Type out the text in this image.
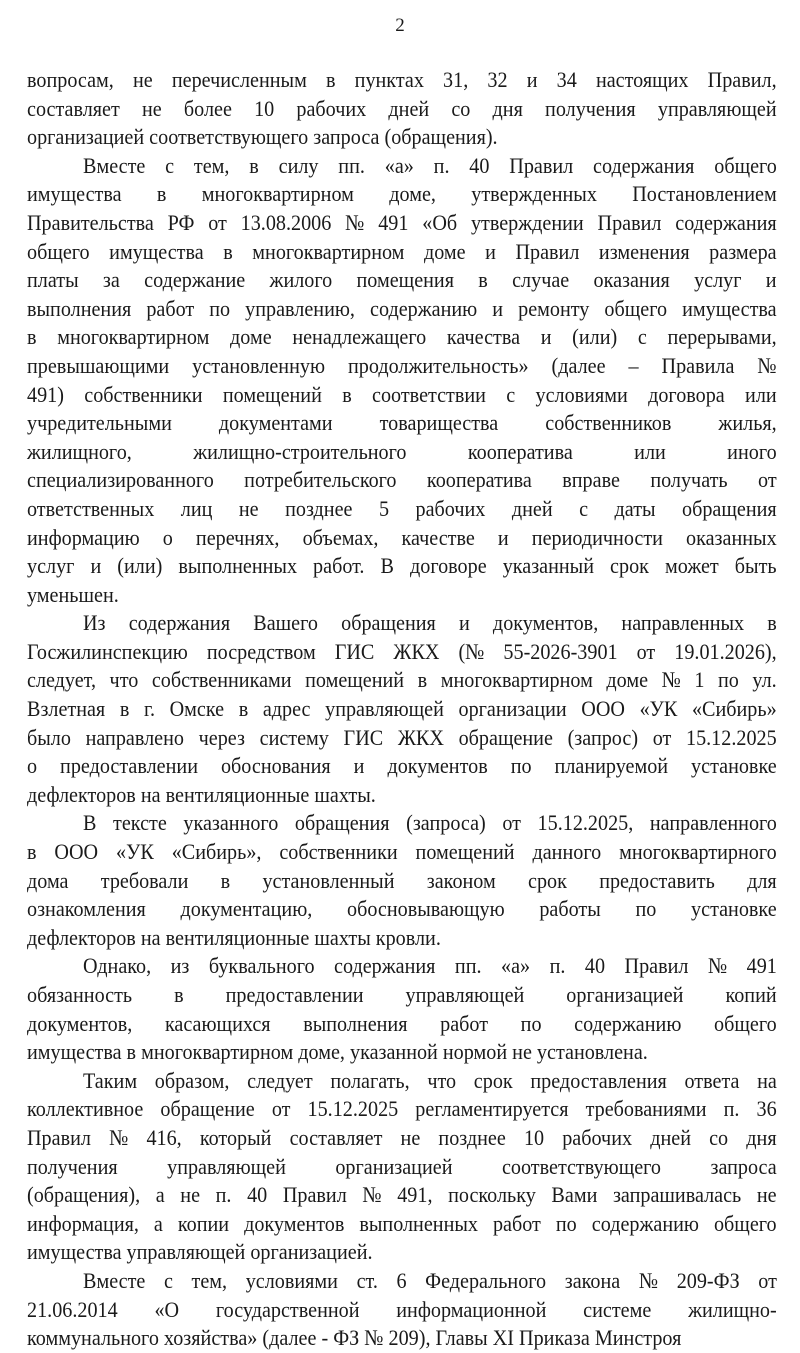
2
вопросам, не перечисленным в пунктах 31, 32 и 34 настоящих Правил,
составляет не более 10 рабочих дней со дня получения управляющей
организацией соответствующего запроса (обращения).
Вместе с тем, в силу пп. «а» п. 40 Правил содержания общего
имущества в многоквартирном доме, утвержденных Постановлением
Правительства РФ от 13.08.2006 № 491 «Об утверждении Правил содержания
общего имущества в многоквартирном доме и Правил изменения размера
платы за содержание жилого помещения в случае оказания услуг и
выполнения работ по управлению, содержанию и ремонту общего имущества
в многоквартирном доме ненадлежащего качества и (или) с перерывами,
превышающими установленную продолжительность» (далее – Правила №
491) собственники помещений в соответствии с условиями договора или
учредительными документами товарищества собственников жилья,
жилищного,	жилищно-строительного	кооператива	или	иного
специализированного потребительского кооператива вправе получать от
ответственных лиц не позднее 5 рабочих дней с даты обращения
информацию о перечнях, объемах, качестве и периодичности оказанных
услуг и (или) выполненных работ. В договоре указанный срок может быть
уменьшен.
Из содержания Вашего обращения и документов, направленных в
Госжилинспекцию посредством ГИС ЖКХ (№ 55-2026-3901 от 19.01.2026),
следует, что собственниками помещений в многоквартирном доме № 1 по ул.
Взлетная в г. Омске в адрес управляющей организации ООО «УК «Сибирь»
было направлено через систему ГИС ЖКХ обращение (запрос) от 15.12.2025
о предоставлении обоснования и документов по планируемой установке
дефлекторов на вентиляционные шахты.
В тексте указанного обращения (запроса) от 15.12.2025, направленного
в ООО «УК «Сибирь», собственники помещений данного многоквартирного
дома требовали в установленный законом срок предоставить для
ознакомления документацию, обосновывающую работы по установке
дефлекторов на вентиляционные шахты кровли.
Однако, из буквального содержания пп. «а» п. 40 Правил № 491
обязанность в предоставлении управляющей организацией копий
документов, касающихся выполнения работ по содержанию общего
имущества в многоквартирном доме, указанной нормой не установлена.
Таким образом, следует полагать, что срок предоставления ответа на
коллективное обращение от 15.12.2025 регламентируется требованиями п. 36
Правил № 416, который составляет не позднее 10 рабочих дней со дня
получения управляющей организацией соответствующего запроса
(обращения), а не п. 40 Правил № 491, поскольку Вами запрашивалась не
информация, а копии документов выполненных работ по содержанию общего
имущества управляющей организацией.
Вместе с тем, условиями ст. 6 Федерального закона № 209-ФЗ от
21.06.2014 «О государственной информационной системе жилищно-
коммунального хозяйства» (далее - ФЗ № 209), Главы XI Приказа Минстроя
